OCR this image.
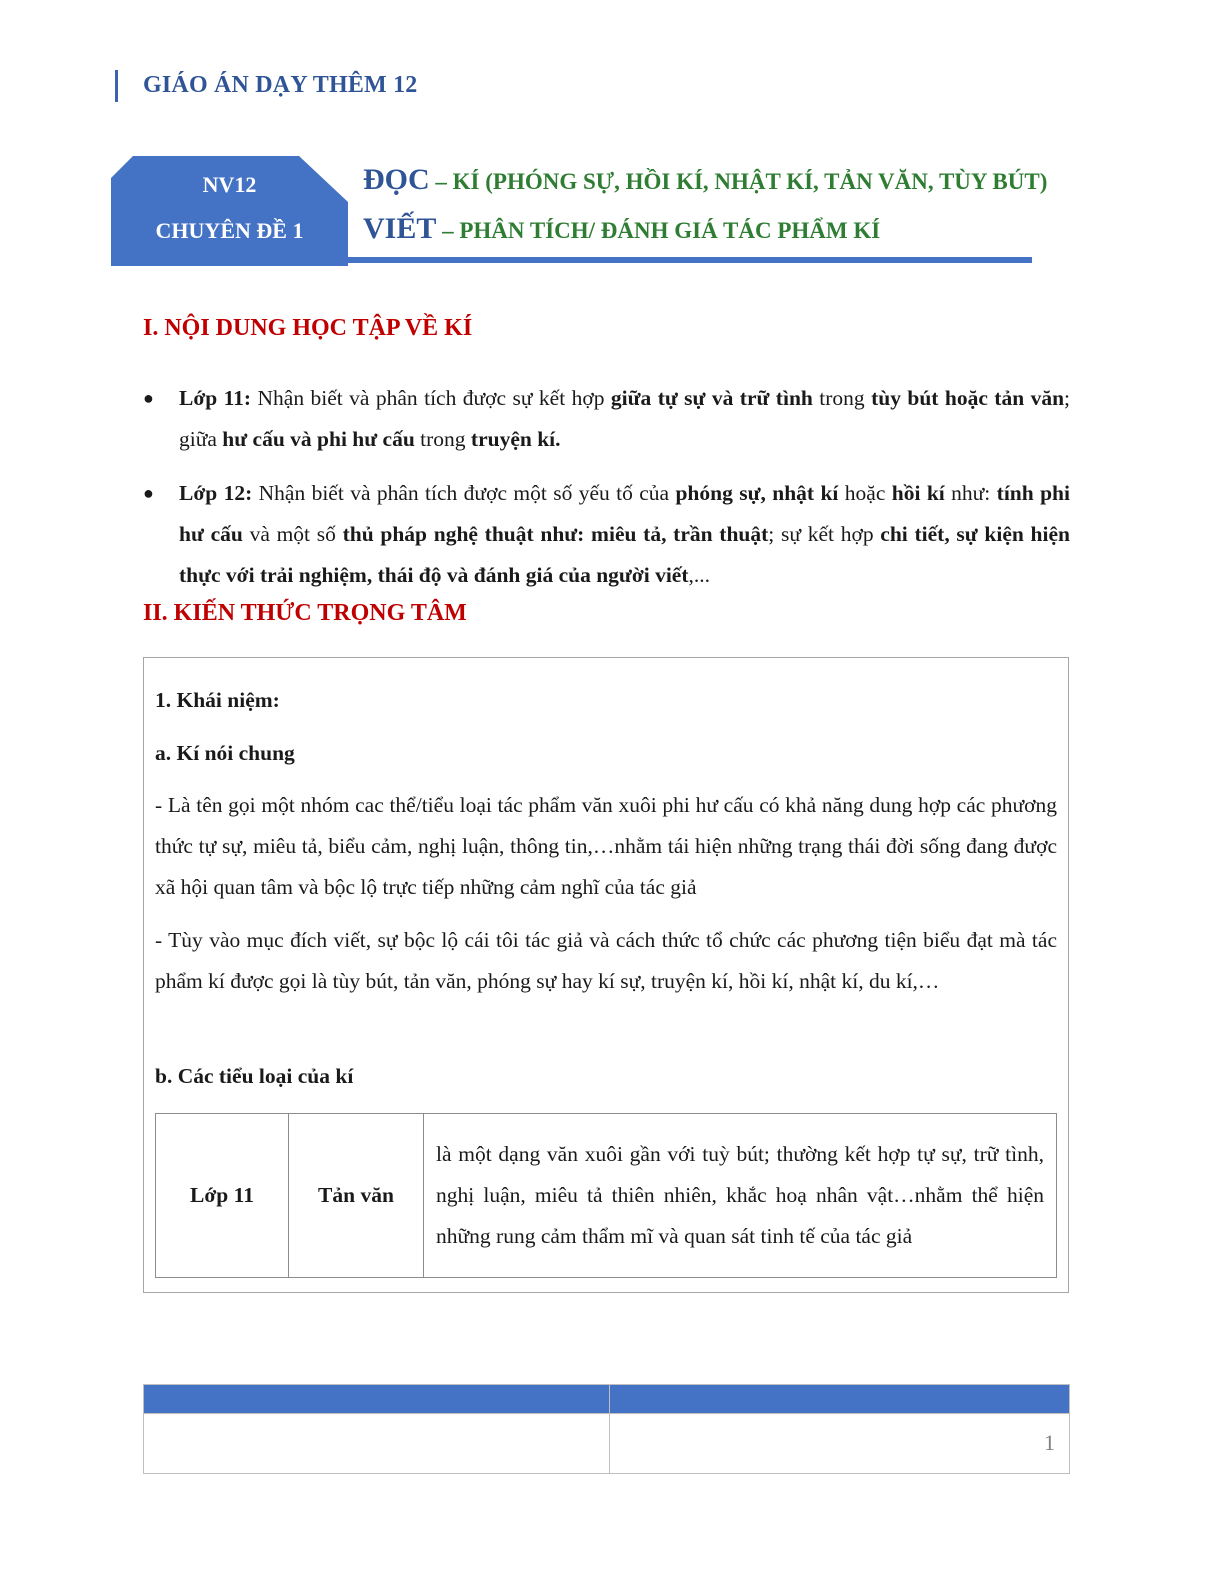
GIÁO ÁN DẠY THÊM 12
NV12
CHUYÊN ĐỀ 1
ĐỌC – KÍ (PHÓNG SỰ, HỒI KÍ, NHẬT KÍ, TẢN VĂN, TÙY BÚT)
VIẾT – PHÂN TÍCH/ ĐÁNH GIÁ TÁC PHẨM KÍ
I. NỘI DUNG HỌC TẬP VỀ KÍ
●	Lớp 11: Nhận biết và phân tích được sự kết hợp giữa tự sự và trữ tình trong tùy bút hoặc tản văn; giữa hư cấu và phi hư cấu trong truyện kí.
●	Lớp 12: Nhận biết và phân tích được một số yếu tố của phóng sự, nhật kí hoặc hồi kí như: tính phi hư cấu và một số thủ pháp nghệ thuật như: miêu tả, trần thuật; sự kết hợp chi tiết, sự kiện hiện thực với trải nghiệm, thái độ và đánh giá của người viết,...
II. KIẾN THỨC TRỌNG TÂM
1. Khái niệm:
a. Kí nói chung
- Là tên gọi một nhóm cac thể/tiểu loại tác phẩm văn xuôi phi hư cấu có khả năng dung hợp các phương thức tự sự, miêu tả, biểu cảm, nghị luận, thông tin,…nhằm tái hiện những trạng thái đời sống đang được xã hội quan tâm và bộc lộ trực tiếp những cảm nghĩ của tác giả
- Tùy vào mục đích viết, sự bộc lộ cái tôi tác giả và cách thức tổ chức các phương tiện biểu đạt mà tác phẩm kí được gọi là tùy bút, tản văn, phóng sự hay kí sự, truyện kí, hồi kí, nhật kí, du kí,…
b. Các tiểu loại của kí
Lớp 11	Tản văn	là một dạng văn xuôi gần với tuỳ bút; thường kết hợp tự sự, trữ tình, nghị luận, miêu tả thiên nhiên, khắc hoạ nhân vật…nhằm thể hiện những rung cảm thẩm mĩ và quan sát tinh tế của tác giả

1
